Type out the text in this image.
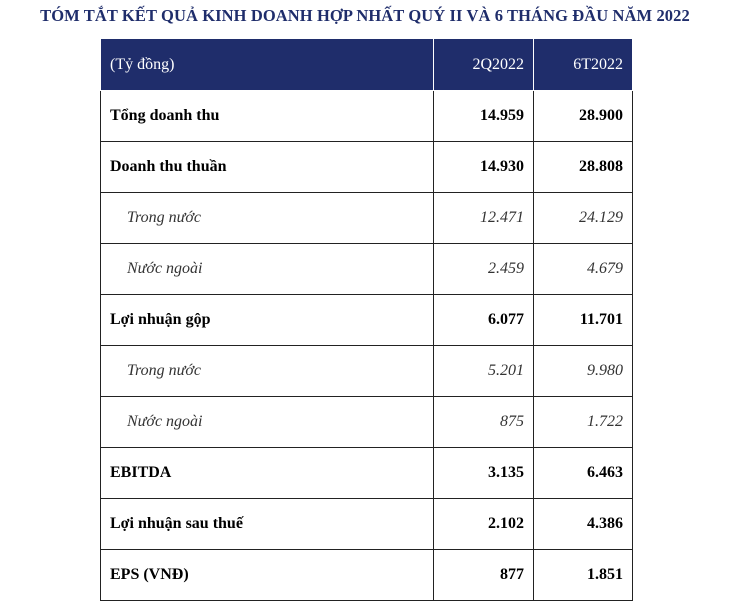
TÓM TẮT KẾT QUẢ KINH DOANH HỢP NHẤT QUÝ II VÀ 6 THÁNG ĐẦU NĂM 2022
(Tỷ đồng)	2Q2022	6T2022
Tổng doanh thu	14.959	28.900
Doanh thu thuần	14.930	28.808
Trong nước	12.471	24.129
Nước ngoài	2.459	4.679
Lợi nhuận gộp	6.077	11.701
Trong nước	5.201	9.980
Nước ngoài	875	1.722
EBITDA	3.135	6.463
Lợi nhuận sau thuế	2.102	4.386
EPS (VNĐ)	877	1.851
